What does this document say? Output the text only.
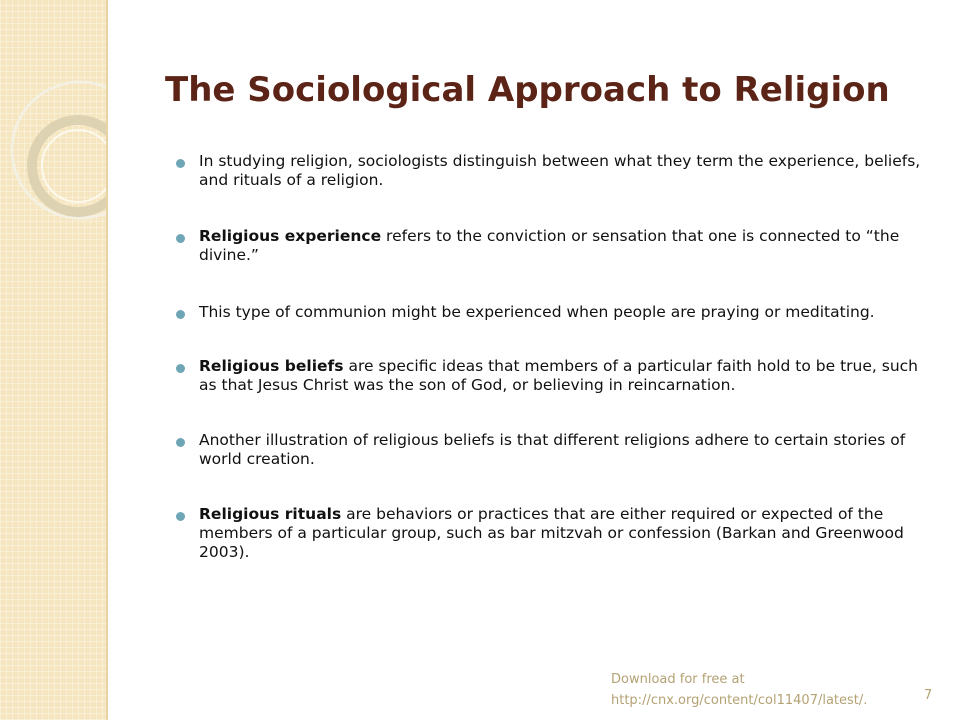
The Sociological Approach to Religion
In studying religion, sociologists distinguish between what they term the experience, beliefs, and rituals of a religion.
Religious experience refers to the conviction or sensation that one is connected to “the divine.”
This type of communion might be experienced when people are praying or meditating.
Religious beliefs are specific ideas that members of a particular faith hold to be true, such as that Jesus Christ was the son of God, or believing in reincarnation.
Another illustration of religious beliefs is that different religions adhere to certain stories of world creation.
Religious rituals are behaviors or practices that are either required or expected of the members of a particular group, such as bar mitzvah or confession (Barkan and Greenwood 2003).
Download for free at
http://cnx.org/content/col11407/latest/.	7
